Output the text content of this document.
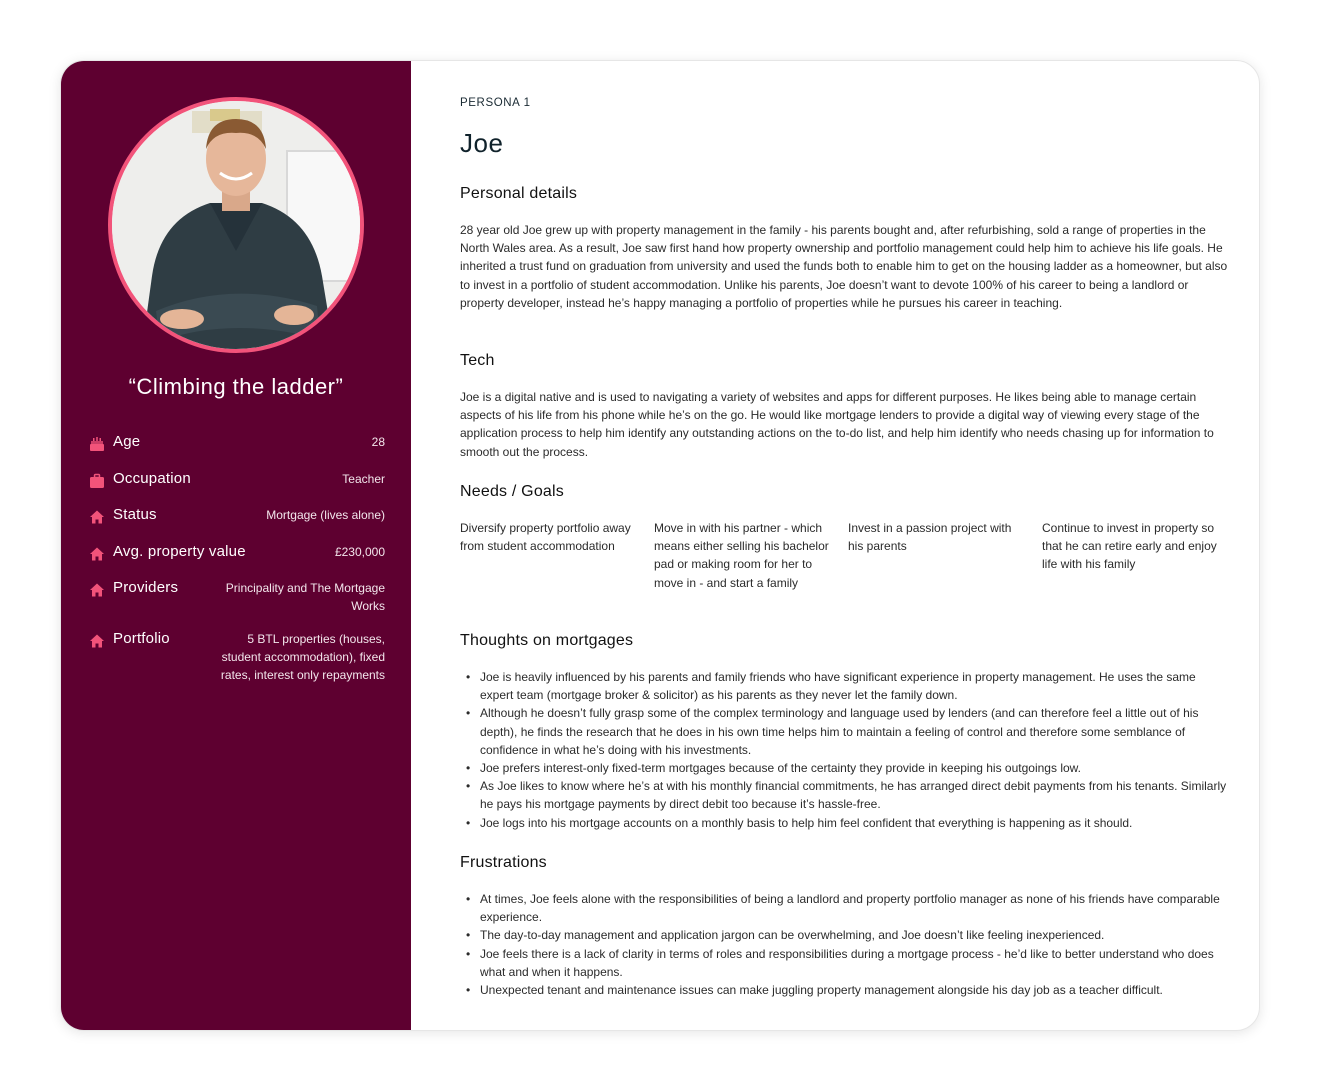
“Climbing the ladder”
Age	28
Occupation	Teacher
Status	Mortgage (lives alone)
Avg. property value	£230,000
Providers	Principality and The Mortgage Works
Portfolio	5 BTL properties (houses, student accommodation), fixed rates, interest only repayments
PERSONA 1
Joe
Personal details
28 year old Joe grew up with property management in the family - his parents bought and, after refurbishing, sold a range of properties in the North Wales area. As a result, Joe saw first hand how property ownership and portfolio management could help him to achieve his life goals. He inherited a trust fund on graduation from university and used the funds both to enable him to get on the housing ladder as a homeowner, but also to invest in a portfolio of student accommodation. Unlike his parents, Joe doesn’t want to devote 100% of his career to being a landlord or property developer, instead he’s happy managing a portfolio of properties while he pursues his career in teaching.
Tech
Joe is a digital native and is used to navigating a variety of websites and apps for different purposes. He likes being able to manage certain aspects of his life from his phone while he’s on the go. He would like mortgage lenders to provide a digital way of viewing every stage of the application process to help him identify any outstanding actions on the to-do list, and help him identify who needs chasing up for information to smooth out the process.
Needs / Goals
Diversify property portfolio away from student accommodation
Move in with his partner - which means either selling his bachelor pad or making room for her to move in - and start a family
Invest in a passion project with his parents
Continue to invest in property so that he can retire early and enjoy life with his family
Thoughts on mortgages
• Joe is heavily influenced by his parents and family friends who have significant experience in property management. He uses the same expert team (mortgage broker & solicitor) as his parents as they never let the family down.
• Although he doesn’t fully grasp some of the complex terminology and language used by lenders (and can therefore feel a little out of his depth), he finds the research that he does in his own time helps him to maintain a feeling of control and therefore some semblance of confidence in what he’s doing with his investments.
• Joe prefers interest-only fixed-term mortgages because of the certainty they provide in keeping his outgoings low.
• As Joe likes to know where he’s at with his monthly financial commitments, he has arranged direct debit payments from his tenants. Similarly he pays his mortgage payments by direct debit too because it’s hassle-free.
• Joe logs into his mortgage accounts on a monthly basis to help him feel confident that everything is happening as it should.
Frustrations
• At times, Joe feels alone with the responsibilities of being a landlord and property portfolio manager as none of his friends have comparable experience.
• The day-to-day management and application jargon can be overwhelming, and Joe doesn’t like feeling inexperienced.
• Joe feels there is a lack of clarity in terms of roles and responsibilities during a mortgage process - he’d like to better understand who does what and when it happens.
• Unexpected tenant and maintenance issues can make juggling property management alongside his day job as a teacher difficult.
